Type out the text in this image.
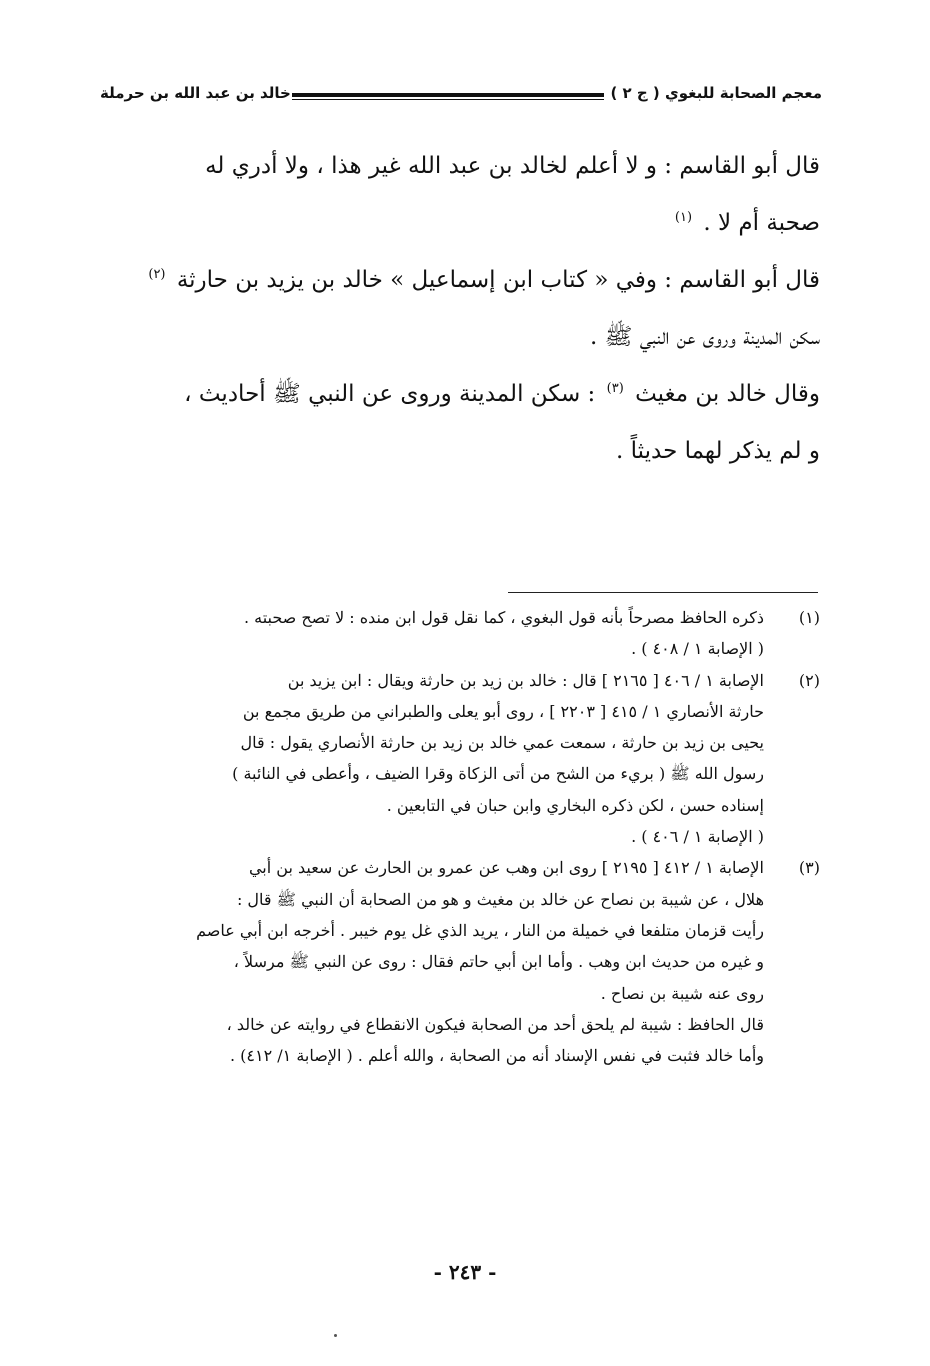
معجم الصحابة للبغوي ( ج ٢ )
خالد بن عبد الله بن حرملة

قال أبو القاسم : و لا أعلم لخالد بن عبد الله غير هذا ، ولا أدري له
صحبة أم لا . $^{(١)}$

قال أبو القاسم : وفي « كتاب ابن إسماعيل » خالد بن يزيد بن حارثة $^{(٢)}$
سكن المدينة وروى عن النبي ﷺ .

وقال خالد بن مغيث $^{(٣)}$ : سكن المدينة وروى عن النبي ﷺ أحاديث ،
و لم يذكر لهما حديثاً .

(١)
ذكره الحافظ مصرحاً بأنه قول البغوي ، كما نقل قول ابن منده : لا تصح صحبته .
( الإصابة ١ / ٤٠٨ ) .
(٢)
الإصابة ١ / ٤٠٦ [ ٢١٦٥ ] قال : خالد بن زيد بن حارثة ويقال : ابن يزيد بن
حارثة الأنصاري ١ / ٤١٥ [ ٢٢٠٣ ] ، روى أبو يعلى والطبراني من طريق مجمع بن
يحيى بن زيد بن حارثة ، سمعت عمي خالد بن زيد بن حارثة الأنصاري يقول : قال
رسول الله ﷺ ( بريء من الشح من أتى الزكاة وقرا الضيف ، وأعطى في النائبة )
إسناده حسن ، لكن ذكره البخاري وابن حبان في التابعين .
( الإصابة ١ / ٤٠٦ ) .
(٣)
الإصابة ١ / ٤١٢ [ ٢١٩٥ ] روى ابن وهب عن عمرو بن الحارث عن سعيد بن أبي
هلال ، عن شيبة بن نصاح عن خالد بن مغيث و هو من الصحابة أن النبي ﷺ قال :
رأيت قزمان متلفعا في خميلة من النار ، يريد الذي غل يوم خيبر . أخرجه ابن أبي عاصم
و غيره من حديث ابن وهب . وأما ابن أبي حاتم فقال : روى عن النبي ﷺ مرسلاً ،
روى عنه شيبة بن نصاح .
قال الحافظ : شيبة لم يلحق أحد من الصحابة فيكون الانقطاع في روايته عن خالد ،
وأما خالد فثبت في نفس الإسناد أنه من الصحابة ، والله أعلم . ( الإصابة ١/ ٤١٢) .
- ٢٤٣ -
